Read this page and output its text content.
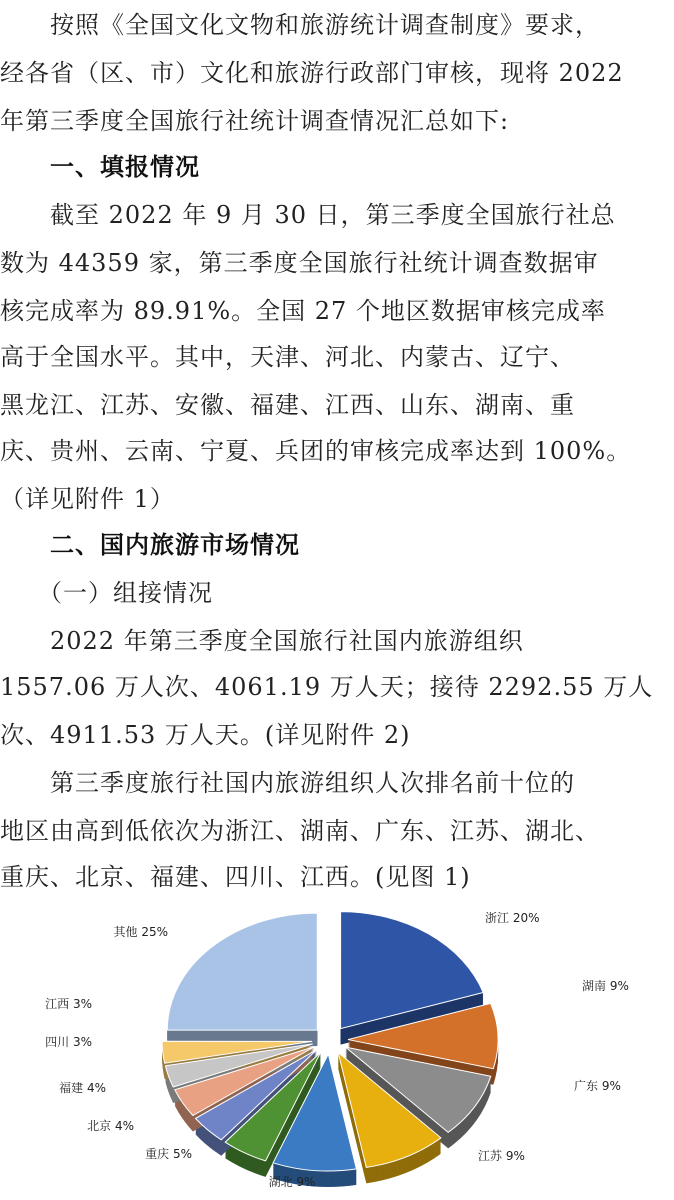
　　按照《全国文化文物和旅游统计调查制度》要求，
经各省（区、市）文化和旅游行政部门审核，现将 2022
年第三季度全国旅行社统计调查情况汇总如下:
　　一、填报情况
　　截至 2022 年 9 月 30 日，第三季度全国旅行社总
数为 44359 家，第三季度全国旅行社统计调查数据审
核完成率为 89.91%。全国 27 个地区数据审核完成率
高于全国水平。其中，天津、河北、内蒙古、辽宁、
黑龙江、江苏、安徽、福建、江西、山东、湖南、重
庆、贵州、云南、宁夏、兵团的审核完成率达到 100%。
（详见附件 1）
　　二、国内旅游市场情况
　　（一）组接情况
　　2022 年第三季度全国旅行社国内旅游组织
1557.06 万人次、4061.19 万人天；接待 2292.55 万人
次、4911.53 万人天。(详见附件 2)
　　第三季度旅行社国内旅游组织人次排名前十位的
地区由高到低依次为浙江、湖南、广东、江苏、湖北、
重庆、北京、福建、四川、江西。(见图 1)
浙江 20%
湖南 9%
广东 9%
江苏 9%
湖北 9%
重庆 5%
北京 4%
福建 4%
四川 3%
江西 3%
其他 25%
